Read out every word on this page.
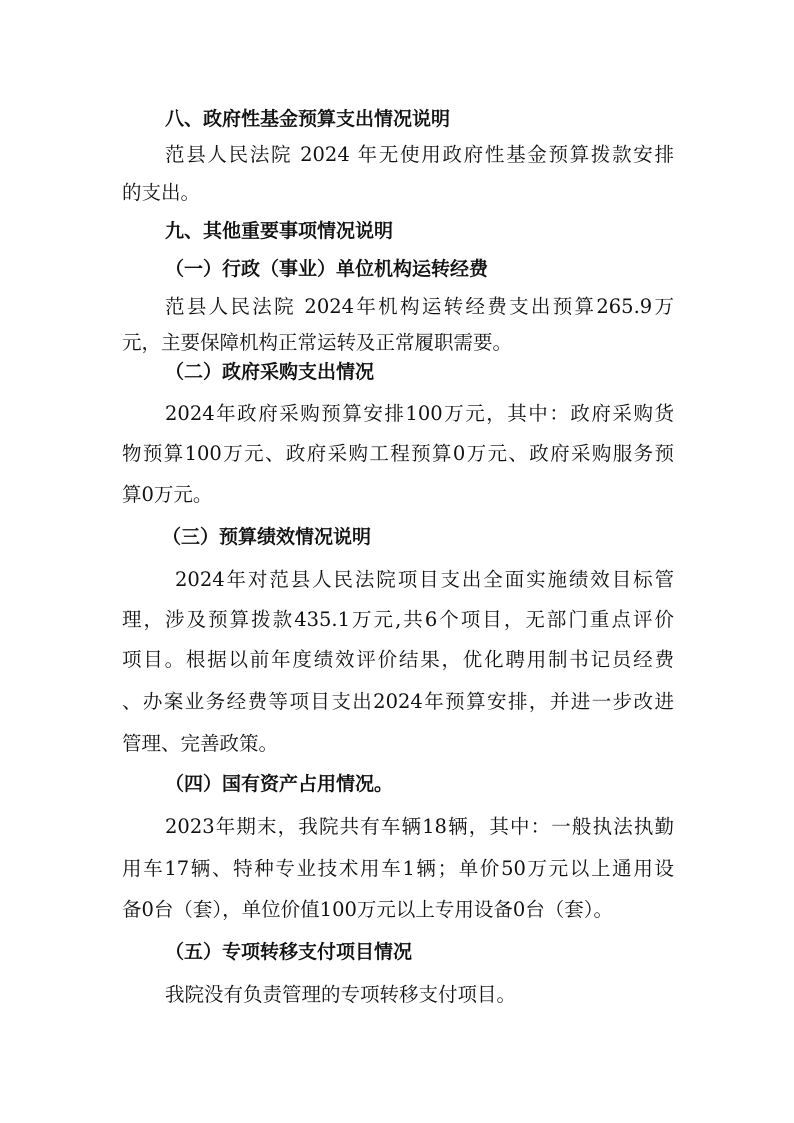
八、政府性基金预算支出情况说明
范县人民法院 2024 年无使用政府性基金预算拨款安排
的支出。
九、其他重要事项情况说明
（一）行政（事业）单位机构运转经费
范县人民法院 2024年机构运转经费支出预算265.9万
元，主要保障机构正常运转及正常履职需要。
（二）政府采购支出情况
2024年政府采购预算安排100万元，其中：政府采购货
物预算100万元、政府采购工程预算0万元、政府采购服务预
算0万元。
（三）预算绩效情况说明
2024年对范县人民法院项目支出全面实施绩效目标管
理，涉及预算拨款435.1万元,共6个项目，无部门重点评价
项目。根据以前年度绩效评价结果，优化聘用制书记员经费
、办案业务经费等项目支出2024年预算安排，并进一步改进
管理、完善政策。
（四）国有资产占用情况。
2023年期末，我院共有车辆18辆，其中：一般执法执勤
用车17辆、特种专业技术用车1辆；单价50万元以上通用设
备0台（套），单位价值100万元以上专用设备0台（套）。
（五）专项转移支付项目情况
我院没有负责管理的专项转移支付项目。
